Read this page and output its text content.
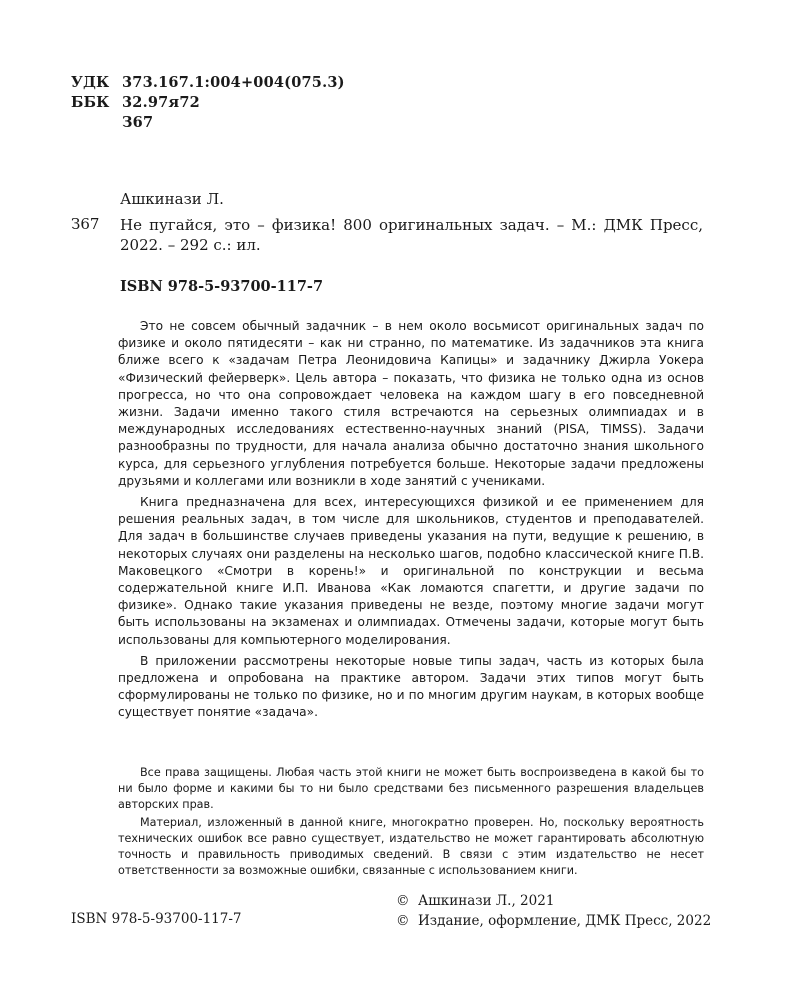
УДК 373.167.1:004+004(075.3)
ББК 32.97я72
З67
Ашкинази Л.
З67 Не пугайся, это – физика! 800 оригинальных задач. – М.: ДМК Пресс, 2022. – 292 с.: ил.
ISBN 978-5-93700-117-7

Это не совсем обычный задачник – в нем около восьмисот оригинальных задач по физике и около пятидесяти – как ни странно, по математике. Из задачников эта книга ближе всего к «задачам Петра Леонидовича Капицы» и задачнику Джирла Уокера «Физический фейерверк». Цель автора – показать, что физика не только одна из основ прогресса, но что она сопровождает человека на каждом шагу в его повседневной жизни. Задачи именно такого стиля встречаются на серьезных олимпиадах и в международных исследованиях естественно-научных знаний (PISA, TIMSS). Задачи разнообразны по трудности, для начала анализа обычно достаточно знания школьного курса, для серьезного углубления потребуется больше. Некоторые задачи предложены друзьями и коллегами или возникли в ходе занятий с учениками.

Книга предназначена для всех, интересующихся физикой и ее применением для решения реальных задач, в том числе для школьников, студентов и преподавателей. Для задач в большинстве случаев приведены указания на пути, ведущие к решению, в некоторых случаях они разделены на несколько шагов, подобно классической книге П.В. Маковецкого «Смотри в корень!» и оригинальной по конструкции и весьма содержательной книге И.П. Иванова «Как ломаются спагетти, и другие задачи по физике». Однако такие указания приведены не везде, поэтому многие задачи могут быть использованы на экзаменах и олимпиадах. Отмечены задачи, которые могут быть использованы для компьютерного моделирования.

В приложении рассмотрены некоторые новые типы задач, часть из которых была предложена и опробована на практике автором. Задачи этих типов могут быть сформулированы не только по физике, но и по многим другим наукам, в которых вообще существует понятие «задача».

Все права защищены. Любая часть этой книги не может быть воспроизведена в какой бы то ни было форме и какими бы то ни было средствами без письменного разрешения владельцев авторских прав.

Материал, изложенный в данной книге, многократно проверен. Но, поскольку вероятность технических ошибок все равно существует, издательство не может гарантировать абсолютную точность и правильность приводимых сведений. В связи с этим издательство не несет ответственности за возможные ошибки, связанные с использованием книги.

ISBN 978-5-93700-117-7
© Ашкинази Л., 2021
© Издание, оформление, ДМК Пресс, 2022
